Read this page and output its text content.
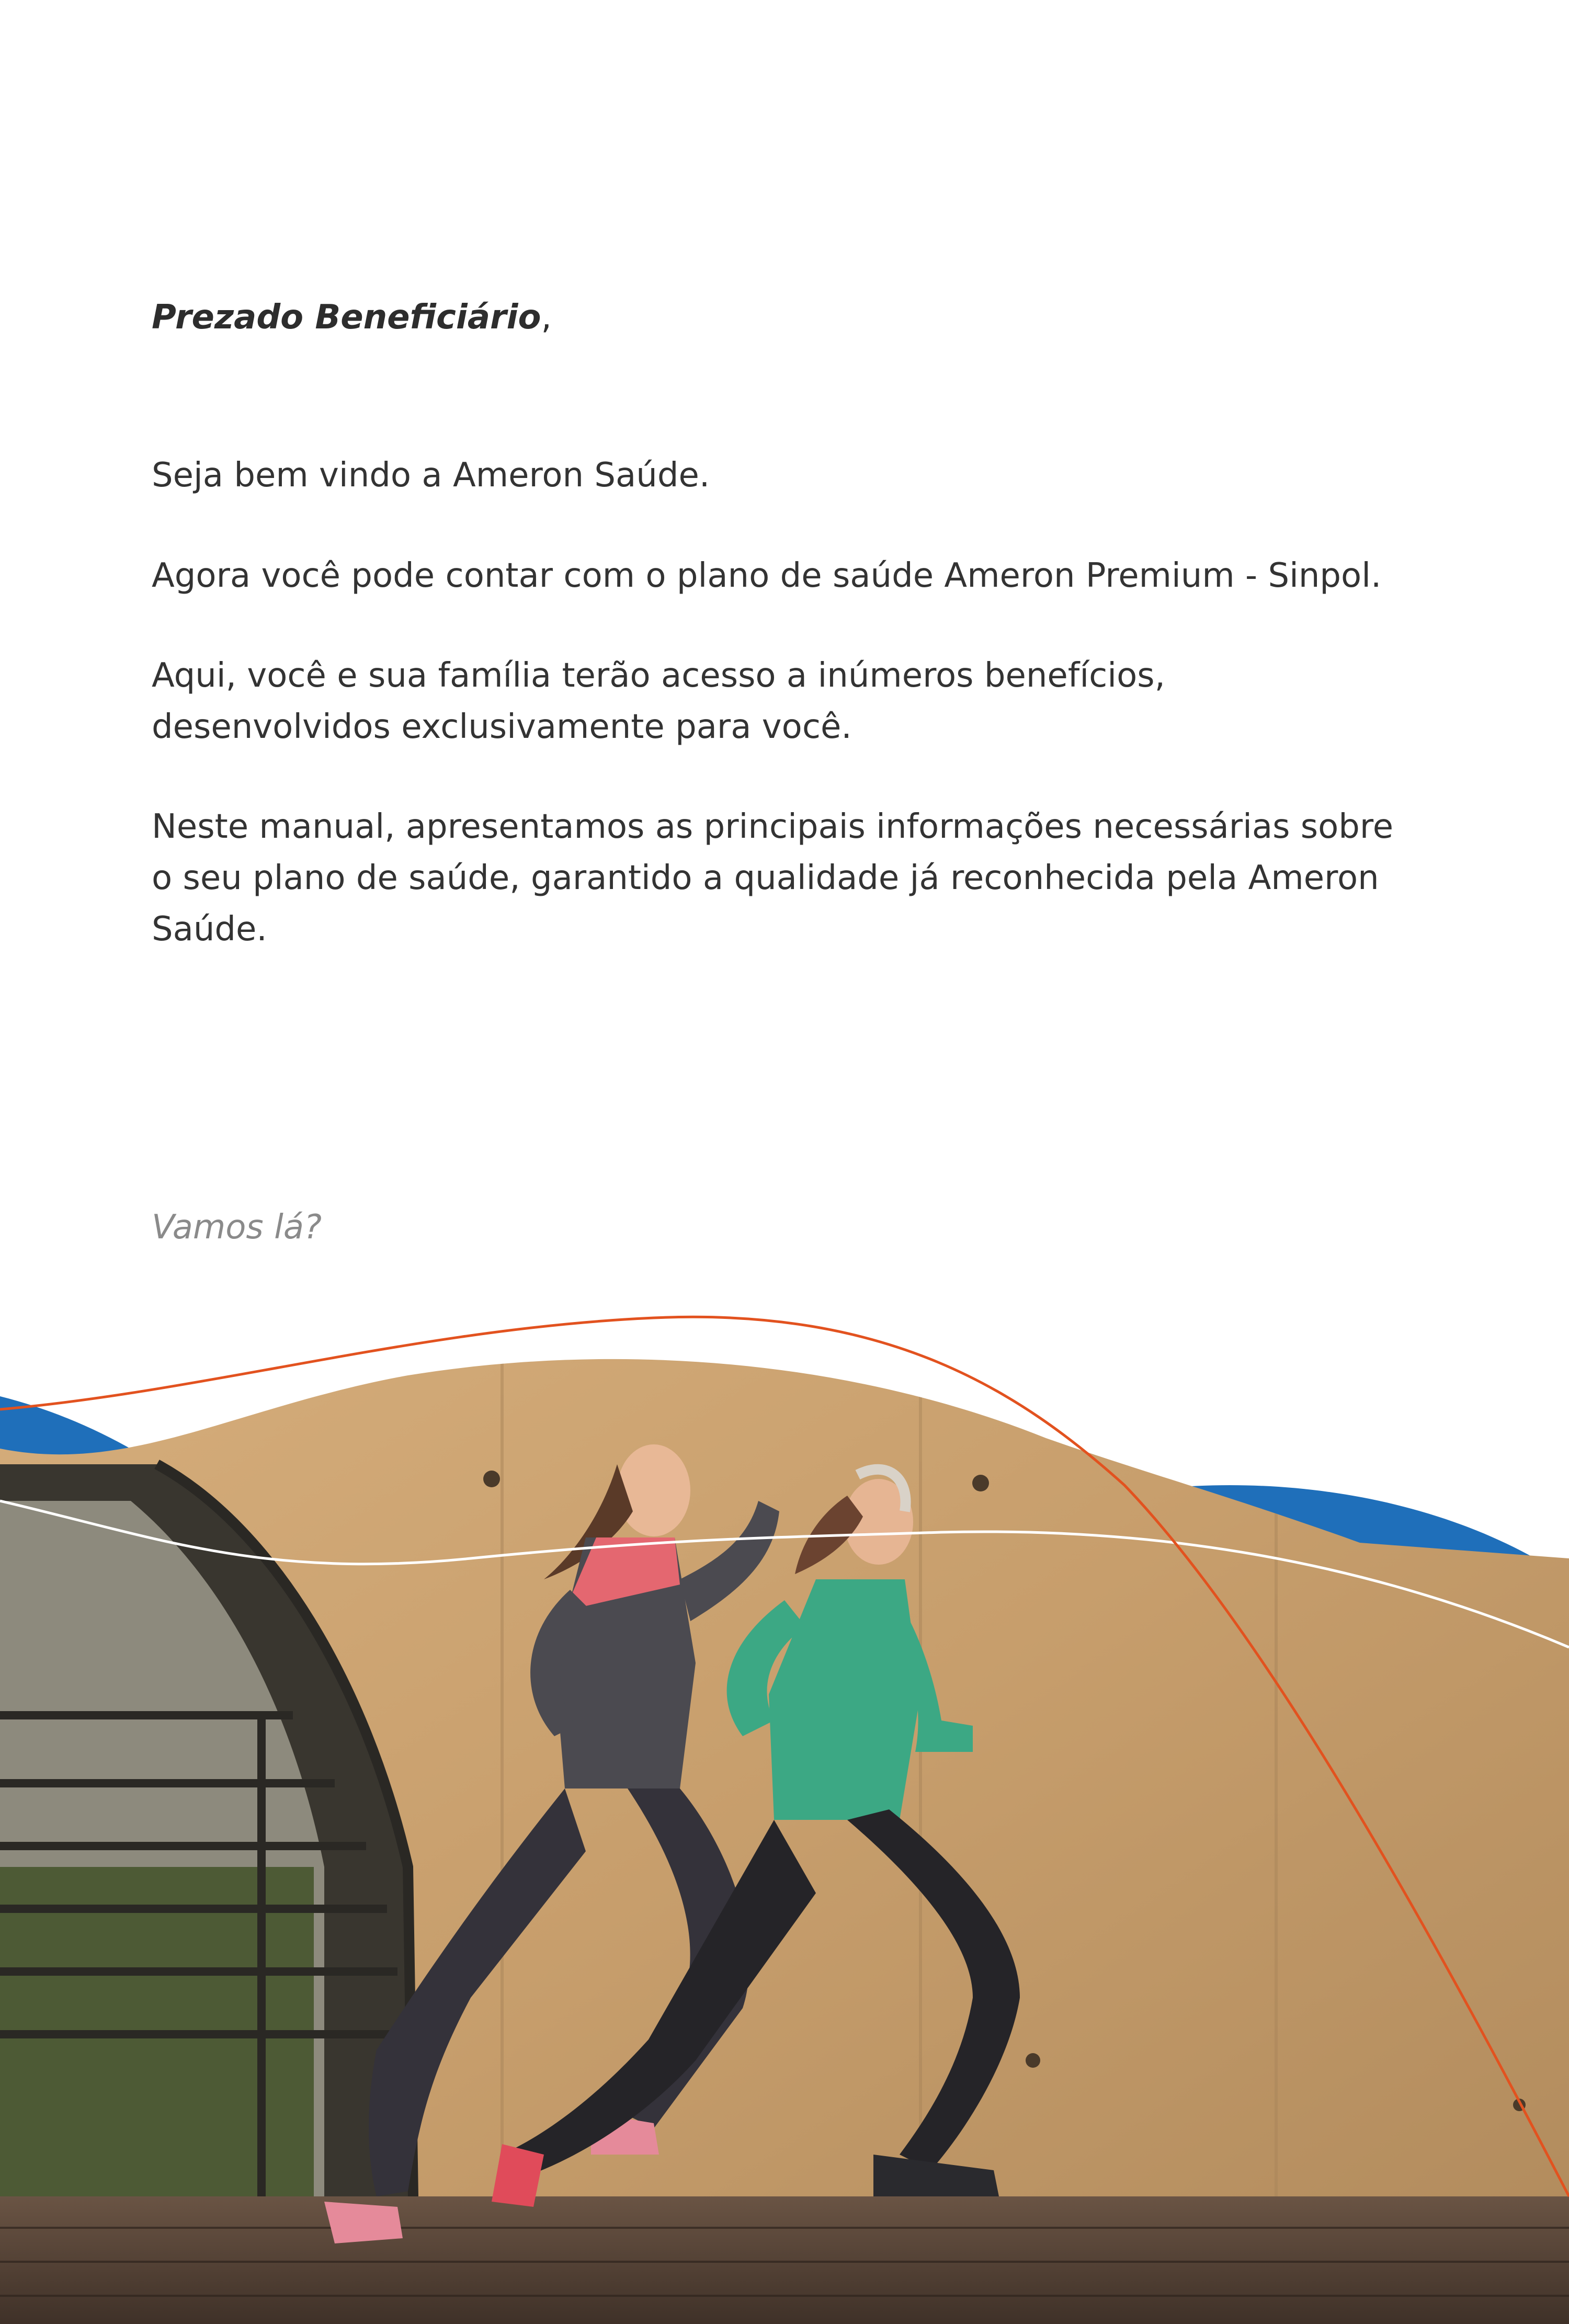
Prezado Beneficiário,
Seja bem vindo a Ameron Saúde.
Agora você pode contar com o plano de saúde Ameron Premium - Sinpol.
Aqui, você e sua família terão acesso a inúmeros benefícios, desenvolvidos exclusivamente para você.
Neste manual, apresentamos as principais informações necessárias sobre o seu plano de saúde, garantido a qualidade já reconhecida pela Ameron Saúde.
Vamos lá?
